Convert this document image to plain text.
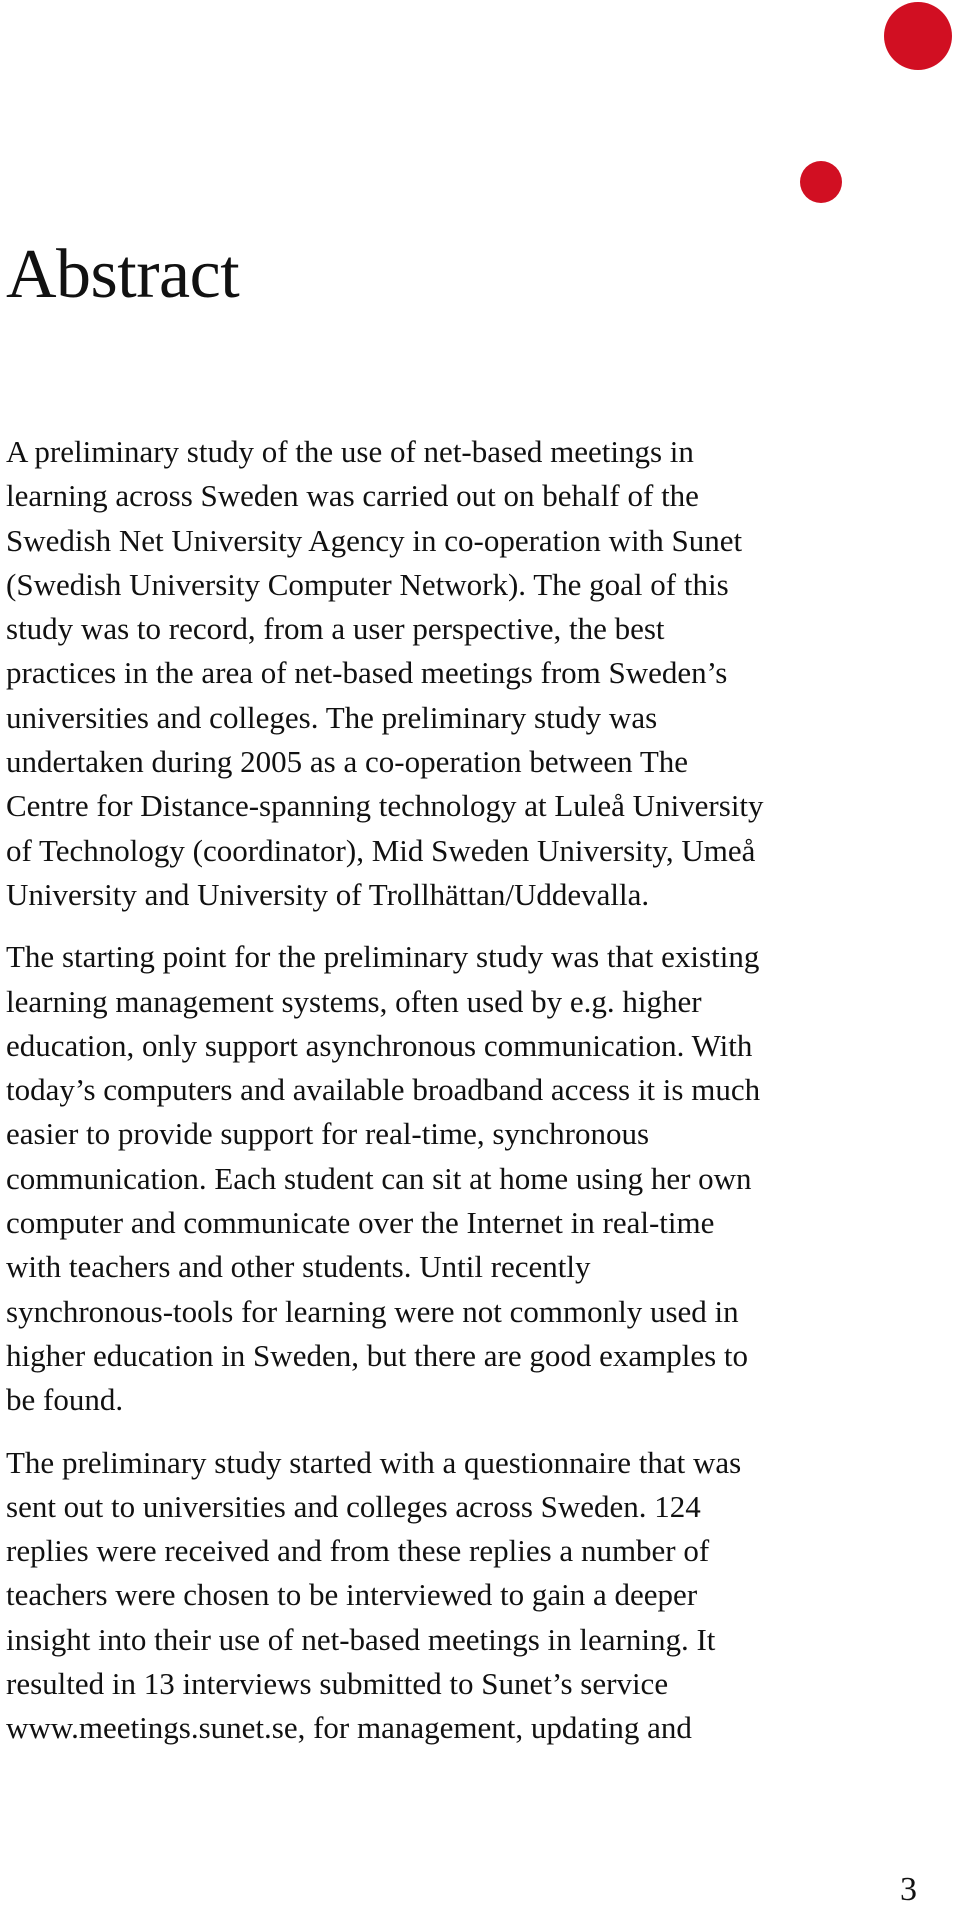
Abstract

A preliminary study of the use of net-based meetings in
learning across Sweden was carried out on behalf of the
Swedish Net University Agency in co-operation with Sunet
(Swedish University Computer Network). The goal of this
study was to record, from a user perspective, the best
practices in the area of net-based meetings from Sweden’s
universities and colleges. The preliminary study was
undertaken during 2005 as a co-operation between The
Centre for Distance-spanning technology at Luleå University
of Technology (coordinator), Mid Sweden University, Umeå
University and University of Trollhättan/Uddevalla.

The starting point for the preliminary study was that existing
learning management systems, often used by e.g. higher
education, only support asynchronous communication. With
today’s computers and available broadband access it is much
easier to provide support for real-time, synchronous
communication. Each student can sit at home using her own
computer and communicate over the Internet in real-time
with teachers and other students. Until recently
synchronous-tools for learning were not commonly used in
higher education in Sweden, but there are good examples to
be found.

The preliminary study started with a questionnaire that was
sent out to universities and colleges across Sweden. 124
replies were received and from these replies a number of
teachers were chosen to be interviewed to gain a deeper
insight into their use of net-based meetings in learning. It
resulted in 13 interviews submitted to Sunet’s service
www.meetings.sunet.se, for management, updating and

3
